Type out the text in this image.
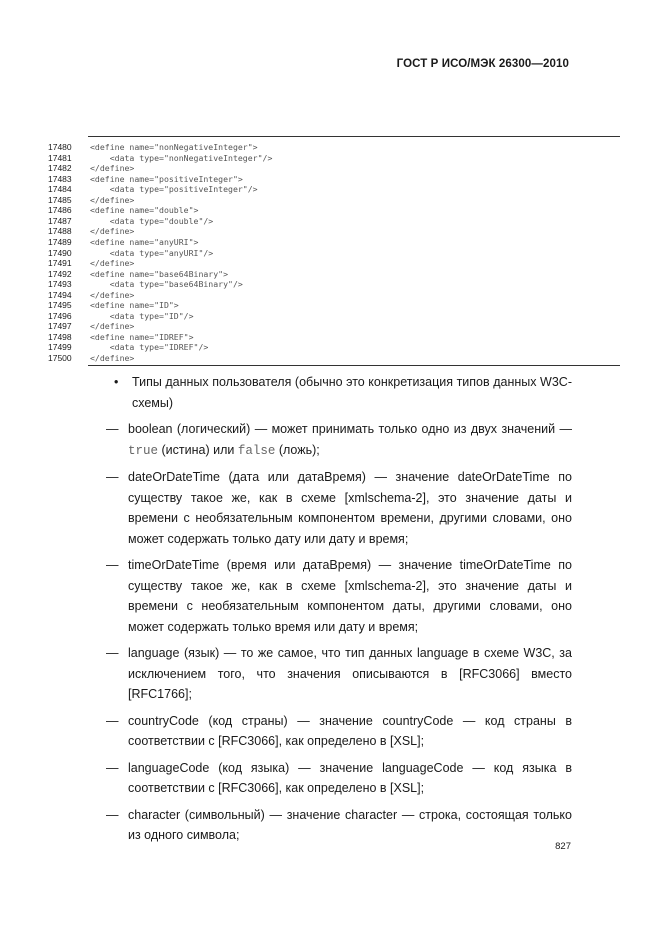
ГОСТ Р ИСО/МЭК 26300—2010
17480	<define name="nonNegativeInteger">
17481	<data type="nonNegativeInteger"/>
17482	</define>
17483	<define name="positiveInteger">
17484	<data type="positiveInteger"/>
17485	</define>
17486	<define name="double">
17487	<data type="double"/>
17488	</define>
17489	<define name="anyURI">
17490	<data type="anyURI"/>
17491	</define>
17492	<define name="base64Binary">
17493	<data type="base64Binary"/>
17494	</define>
17495	<define name="ID">
17496	<data type="ID"/>
17497	</define>
17498	<define name="IDREF">
17499	<data type="IDREF"/>
17500	</define>
• Типы данных пользователя (обычно это конкретизация типов данных W3C- схемы)
— boolean (логический) — может принимать только одно из двух значений — true (истина) или false (ложь);
— dateOrDateTime (дата или датаВремя) — значение dateOrDateTime по существу такое же, как в схеме [xmlschema-2], это значение даты и времени с необязательным компонентом времени, другими словами, оно может содержать только дату или дату и время;
— timeOrDateTime (время или датаВремя) — значение timeOrDateTime по существу такое же, как в схеме [xmlschema-2], это значение даты и времени с необязательным компонентом даты, другими словами, оно может содержать только время или дату и время;
— language (язык) — то же самое, что тип данных language в схеме W3C, за исключением того, что значения описываются в [RFC3066] вместо [RFC1766];
— countryCode (код страны) — значение countryCode — код страны в соответствии с [RFC3066], как определено в [XSL];
— languageCode (код языка) — значение languageCode — код языка в соответствии с [RFC3066], как определено в [XSL];
— character (символьный) — значение character — строка, состоящая только из одного символа;
827
